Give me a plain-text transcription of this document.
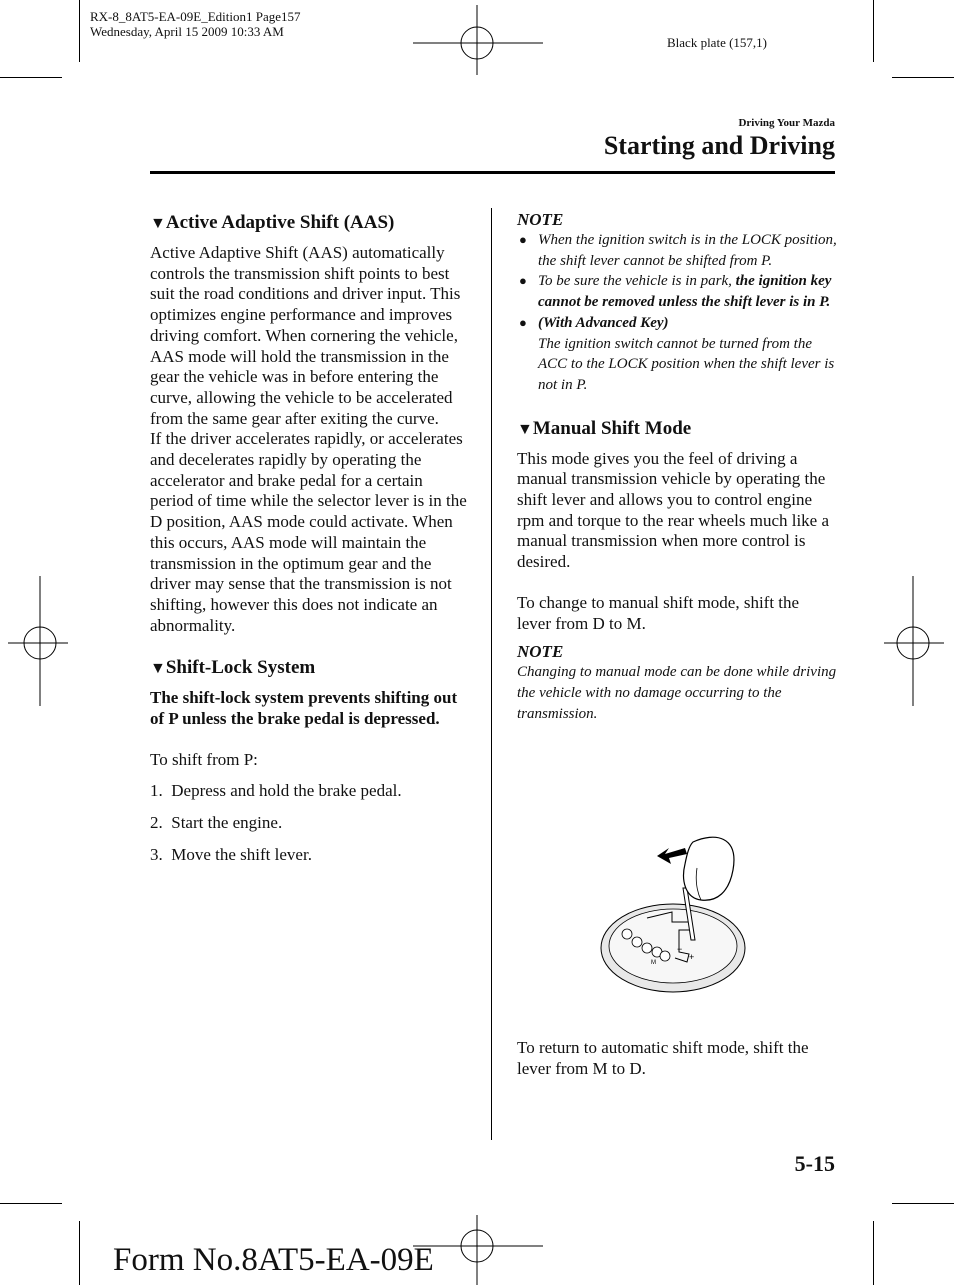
RX-8_8AT5-EA-09E_Edition1 Page157
Wednesday, April 15 2009 10:33 AM
Black plate (157,1)
Driving Your Mazda
Starting and Driving
▼Active Adaptive Shift (AAS)

Active Adaptive Shift (AAS) automatically controls the transmission shift points to best suit the road conditions and driver input. This optimizes engine performance and improves driving comfort. When cornering the vehicle, AAS mode will hold the transmission in the gear the vehicle was in before entering the curve, allowing the vehicle to be accelerated from the same gear after exiting the curve.

If the driver accelerates rapidly, or accelerates and decelerates rapidly by operating the accelerator and brake pedal for a certain period of time while the selector lever is in the D position, AAS mode could activate. When this occurs, AAS mode will maintain the transmission in the optimum gear and the driver may sense that the transmission is not shifting, however this does not indicate an abnormality.

▼Shift-Lock System

The shift-lock system prevents shifting out of P unless the brake pedal is depressed.

To shift from P:

1. Depress and hold the brake pedal.
2. Start the engine.
3. Move the shift lever.
NOTE
● When the ignition switch is in the LOCK position, the shift lever cannot be shifted from P.
● To be sure the vehicle is in park, the ignition key cannot be removed unless the shift lever is in P.
● (With Advanced Key)
The ignition switch cannot be turned from the ACC to the LOCK position when the shift lever is not in P.
▼Manual Shift Mode

This mode gives you the feel of driving a manual transmission vehicle by operating the shift lever and allows you to control engine rpm and torque to the rear wheels much like a manual transmission when more control is desired.

To change to manual shift mode, shift the lever from D to M.

NOTE
Changing to manual mode can be done while driving the vehicle with no damage occurring to the transmission.
−
+
M

To return to automatic shift mode, shift the lever from M to D.

5-15
Form No.8AT5-EA-09E
